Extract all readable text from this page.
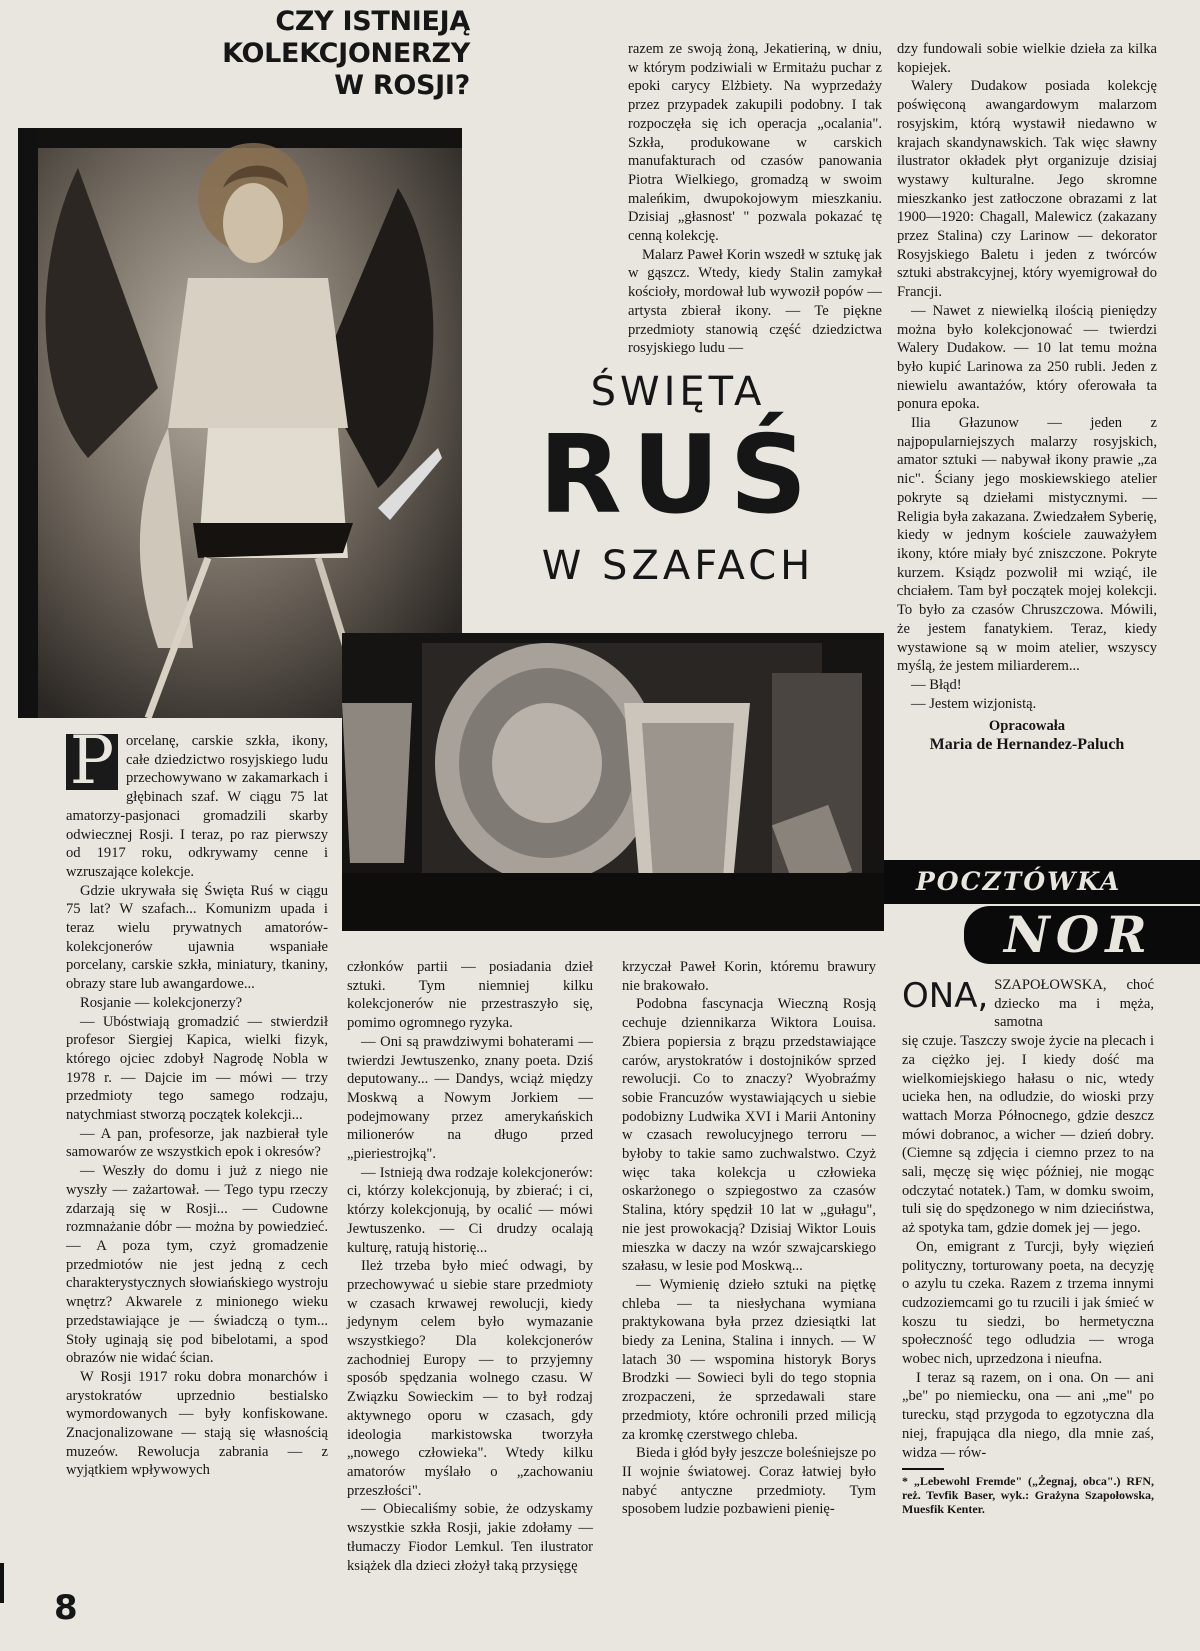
CZY ISTNIEJĄ
KOLEKCJONERZY
W ROSJI?
ŚWIĘTA
RUŚ
W SZAFACH
P orcelanę, carskie szkła, ikony, całe dziedzictwo rosyjskiego ludu przechowywano w zakamarkach i głębinach szaf. W ciągu 75 lat amatorzy-pasjonaci gromadzili skarby odwiecznej Rosji. I teraz, po raz pierwszy od 1917 roku, odkrywamy cenne i wzruszające kolekcje.

Gdzie ukrywała się Święta Ruś w ciągu 75 lat? W szafach... Komunizm upada i teraz wielu prywatnych amatorów-kolekcjonerów ujawnia wspaniałe porcelany, carskie szkła, miniatury, tkaniny, obrazy stare lub awangardowe...

Rosjanie — kolekcjonerzy?

— Ubóstwiają gromadzić — stwierdził profesor Siergiej Kapica, wielki fizyk, którego ojciec zdobył Nagrodę Nobla w 1978 r. — Dajcie im — mówi — trzy przedmioty tego samego rodzaju, natychmiast stworzą początek kolekcji...

— A pan, profesorze, jak nazbierał tyle samowarów ze wszystkich epok i okresów?

— Weszły do domu i już z niego nie wyszły — zażartował. — Tego typu rzeczy zdarzają się w Rosji... — Cudowne rozmnażanie dóbr — można by powiedzieć. — A poza tym, czyż gromadzenie przedmiotów nie jest jedną z cech charakterystycznych słowiańskiego wystroju wnętrz? Akwarele z minionego wieku przedstawiające je — świadczą o tym... Stoły uginają się pod bibelotami, a spod obrazów nie widać ścian.

W Rosji 1917 roku dobra monarchów i arystokratów uprzednio bestialsko wymordowanych — były konfiskowane. Znacjonalizowane — stają się własnością muzeów. Rewolucja zabrania — z wyjątkiem wpływowych

członków partii — posiadania dzieł sztuki. Tym niemniej kilku kolekcjonerów nie przestraszyło się, pomimo ogromnego ryzyka.

— Oni są prawdziwymi bohaterami — twierdzi Jewtuszenko, znany poeta. Dziś deputowany... — Dandys, wciąż między Moskwą a Nowym Jorkiem — podejmowany przez amerykańskich milionerów na długo przed „pieriestrojką".

— Istnieją dwa rodzaje kolekcjonerów: ci, którzy kolekcjonują, by zbierać; i ci, którzy kolekcjonują, by ocalić — mówi Jewtuszenko. — Ci drudzy ocalają kulturę, ratują historię...

Ileż trzeba było mieć odwagi, by przechowywać u siebie stare przedmioty w czasach krwawej rewolucji, kiedy jedynym celem było wymazanie wszystkiego? Dla kolekcjonerów zachodniej Europy — to przyjemny sposób spędzania wolnego czasu. W Związku Sowieckim — to był rodzaj aktywnego oporu w czasach, gdy ideologia markistowska tworzyła „nowego człowieka". Wtedy kilku amatorów myślało o „zachowaniu przeszłości".

— Obiecaliśmy sobie, że odzyskamy wszystkie szkła Rosji, jakie zdołamy — tłumaczy Fiodor Lemkul. Ten ilustrator książek dla dzieci złożył taką przysięgę

razem ze swoją żoną, Jekatieriną, w dniu, w którym podziwiali w Ermitażu puchar z epoki carycy Elżbiety. Na wyprzedaży przez przypadek zakupili podobny. I tak rozpoczęła się ich operacja „ocalania". Szkła, produkowane w carskich manufakturach od czasów panowania Piotra Wielkiego, gromadzą w swoim maleńkim, dwupokojowym mieszkaniu. Dzisiaj „głasnost' " pozwala pokazać tę cenną kolekcję.

Malarz Paweł Korin wszedł w sztukę jak w gąszcz. Wtedy, kiedy Stalin zamykał kościoły, mordował lub wywoził popów — artysta zbierał ikony. — Te piękne przedmioty stanowią część dziedzictwa rosyjskiego ludu —

krzyczał Paweł Korin, któremu brawury nie brakowało.

Podobna fascynacja Wieczną Rosją cechuje dziennikarza Wiktora Louisa. Zbiera popiersia z brązu przedstawiające carów, arystokratów i dostojników sprzed rewolucji. Co to znaczy? Wyobraźmy sobie Francuzów wystawiających u siebie podobizny Ludwika XVI i Marii Antoniny w czasach rewolucyjnego terroru — byłoby to takie samo zuchwalstwo. Czyż więc taka kolekcja u człowieka oskarżonego o szpiegostwo za czasów Stalina, który spędził 10 lat w „gułagu", nie jest prowokacją? Dzisiaj Wiktor Louis mieszka w daczy na wzór szwajcarskiego szałasu, w lesie pod Moskwą...

— Wymienię dzieło sztuki na piętkę chleba — ta niesłychana wymiana praktykowana była przez dziesiątki lat biedy za Lenina, Stalina i innych. — W latach 30 — wspomina historyk Borys Brodzki — Sowieci byli do tego stopnia zrozpaczeni, że sprzedawali stare przedmioty, które ochronili przed milicją za kromkę czerstwego chleba.

Bieda i głód były jeszcze boleśniejsze po II wojnie światowej. Coraz łatwiej było nabyć antyczne przedmioty. Tym sposobem ludzie pozbawieni pienię-

dzy fundowali sobie wielkie dzieła za kilka kopiejek.

Walery Dudakow posiada kolekcję poświęconą awangardowym malarzom rosyjskim, którą wystawił niedawno w krajach skandynawskich. Tak więc sławny ilustrator okładek płyt organizuje dzisiaj wystawy kulturalne. Jego skromne mieszkanko jest zatłoczone obrazami z lat 1900—1920: Chagall, Malewicz (zakazany przez Stalina) czy Larinow — dekorator Rosyjskiego Baletu i jeden z twórców sztuki abstrakcyjnej, który wyemigrował do Francji.

— Nawet z niewielką ilością pieniędzy można było kolekcjonować — twierdzi Walery Dudakow. — 10 lat temu można było kupić Larinowa za 250 rubli. Jeden z niewielu awantażów, który oferowała ta ponura epoka.

Ilia Głazunow — jeden z najpopularniejszych malarzy rosyjskich, amator sztuki — nabywał ikony prawie „za nic". Ściany jego moskiewskiego atelier pokryte są dziełami mistycznymi. — Religia była zakazana. Zwiedzałem Syberię, kiedy w jednym kościele zauważyłem ikony, które miały być zniszczone. Pokryte kurzem. Ksiądz pozwolił mi wziąć, ile chciałem. Tam był początek mojej kolekcji. To było za czasów Chruszczowa. Mówili, że jestem fanatykiem. Teraz, kiedy wystawione są w moim atelier, wszyscy myślą, że jestem miliarderem...

— Błąd!

— Jestem wizjonistą.

Opracowała
Maria de Hernandez-Paluch
POCZTÓWKA
NOR
ONA, SZAPOŁOWSKA, choć dziecko ma i męża, samotna

się czuje. Taszczy swoje życie na plecach i za ciężko jej. I kiedy dość ma wielkomiejskiego hałasu o nic, wtedy ucieka hen, na odludzie, do wioski przy wattach Morza Północnego, gdzie deszcz mówi dobranoc, a wicher — dzień dobry. (Ciemne są zdjęcia i ciemno przez to na sali, męczę się więc później, nie mogąc odczytać notatek.) Tam, w domku swoim, tuli się do spędzonego w nim dzieciństwa, aż spotyka tam, gdzie domek jej — jego.

On, emigrant z Turcji, były więzień polityczny, torturowany poeta, na decyzję o azylu tu czeka. Razem z trzema innymi cudzoziemcami go tu rzucili i jak śmieć w koszu tu siedzi, bo hermetyczna społeczność tego odludzia — wroga wobec nich, uprzedzona i nieufna.

I teraz są razem, on i ona. On — ani „be" po niemiecku, ona — ani „me" po turecku, stąd przygoda to egzotyczna dla niej, frapująca dla niego, dla mnie zaś, widza — rów-

* „Lebewohl Fremde" („Żegnaj, obca".) RFN, reż. Tevfik Baser, wyk.: Grażyna Szapołowska, Muesfik Kenter.
8
